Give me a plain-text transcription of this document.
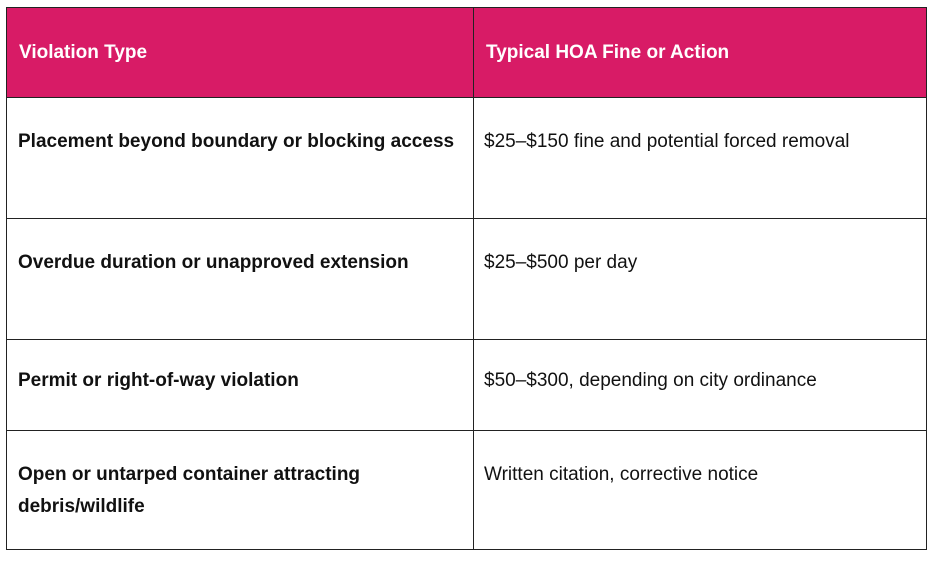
Violation Type	Typical HOA Fine or Action

Placement beyond boundary or blocking access	$25–$150 fine and potential forced removal

Overdue duration or unapproved extension	$25–$500 per day

Permit or right-of-way violation	$50–$300, depending on city ordinance

Open or untarped container attracting debris/wildlife	Written citation, corrective notice
